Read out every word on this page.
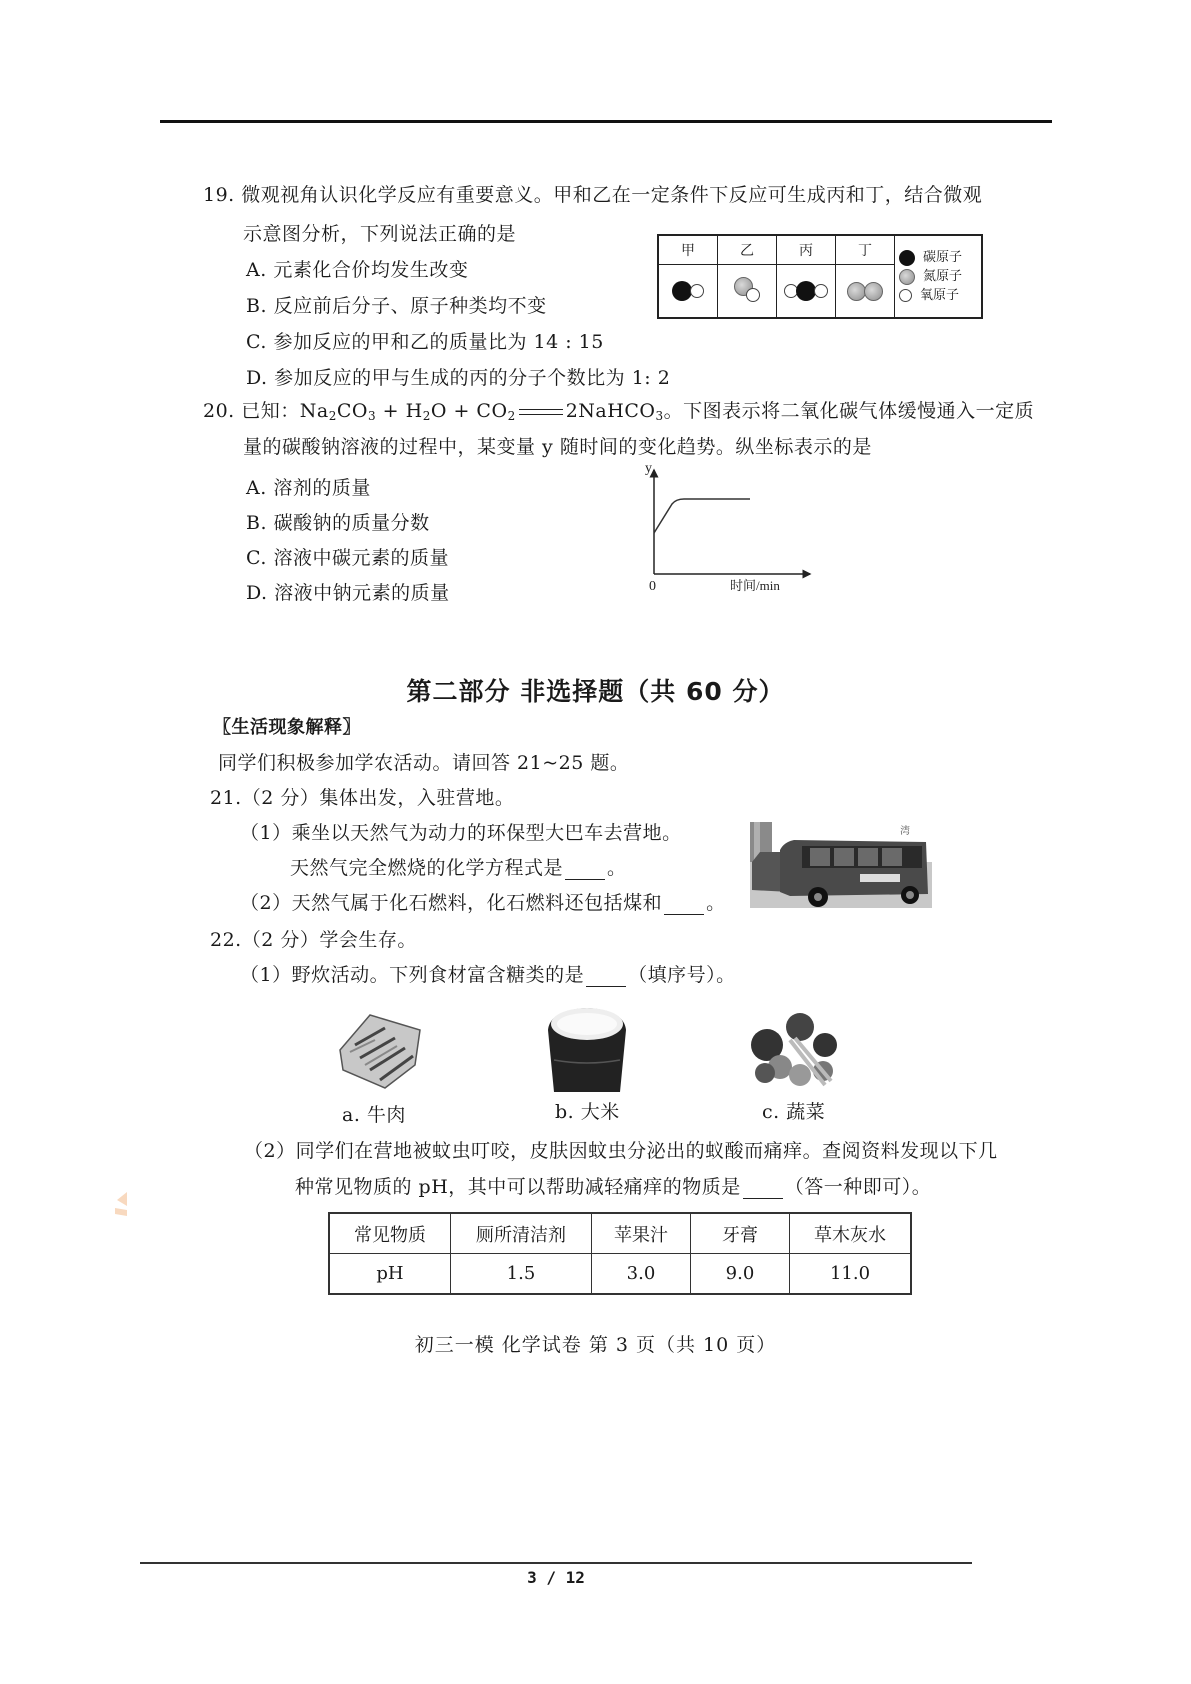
19. 微观视角认识化学反应有重要意义。甲和乙在一定条件下反应可生成丙和丁，结合微观
示意图分析，下列说法正确的是
A. 元素化合价均发生改变
B. 反应前后分子、原子种类均不变
C. 参加反应的甲和乙的质量比为 14 : 15
D. 参加反应的甲与生成的丙的分子个数比为 1: 2
甲	乙	丙	丁	碳原子
氮原子
氧原子

20. 已知：$Na_2CO_3 + H_2O + CO_2$	2NaHCO$_3$。下图表示将二氧化碳气体缓慢通入一定质
量的碳酸钠溶液的过程中，某变量 y 随时间的变化趋势。纵坐标表示的是
A. 溶剂的质量
B. 碳酸钠的质量分数
C. 溶液中碳元素的质量
D. 溶液中钠元素的质量
y
0	时间/min
第二部分 非选择题（共 60 分）
〖生活现象解释〗
同学们积极参加学农活动。请回答 21~25 题。
21.（2 分）集体出发，入驻营地。
（1）乘坐以天然气为动力的环保型大巴车去营地。
天然气完全燃烧的化学方程式是 。
（2）天然气属于化石燃料，化石燃料还包括煤和 。
湾
22.（2 分）学会生存。
（1）野炊活动。下列食材富含糖类的是 （填序号）。
a. 牛肉	b. 大米	c. 蔬菜
（2）同学们在营地被蚊虫叮咬，皮肤因蚊虫分泌出的蚁酸而痛痒。查阅资料发现以下几
种常见物质的 pH，其中可以帮助减轻痛痒的物质是 （答一种即可）。
常见物质	厕所清洁剂	苹果汁	牙膏	草木灰水
pH	1.5	3.0	9.0	11.0
初三一模 化学试卷 第 3 页（共 10 页）
3 / 12
